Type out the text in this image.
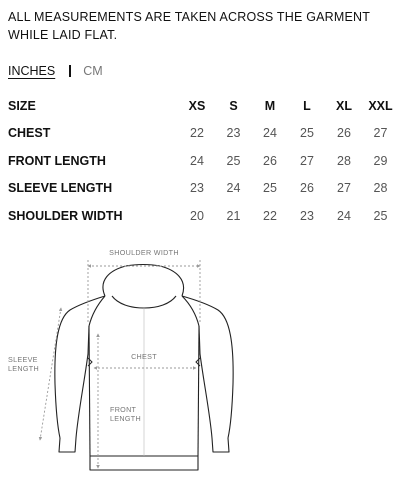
ALL MEASUREMENTS ARE TAKEN ACROSS THE GARMENT WHILE LAID FLAT.
INCHES CM
SIZE	XS	S	M	L	XL	XXL
CHEST	22	23	24	25	26	27
FRONT LENGTH	24	25	26	27	28	29
SLEEVE LENGTH	23	24	25	26	27	28
SHOULDER WIDTH	20	21	22	23	24	25
SHOULDER WIDTH
CHEST
SLEEVE
LENGTH
FRONT
LENGTH
